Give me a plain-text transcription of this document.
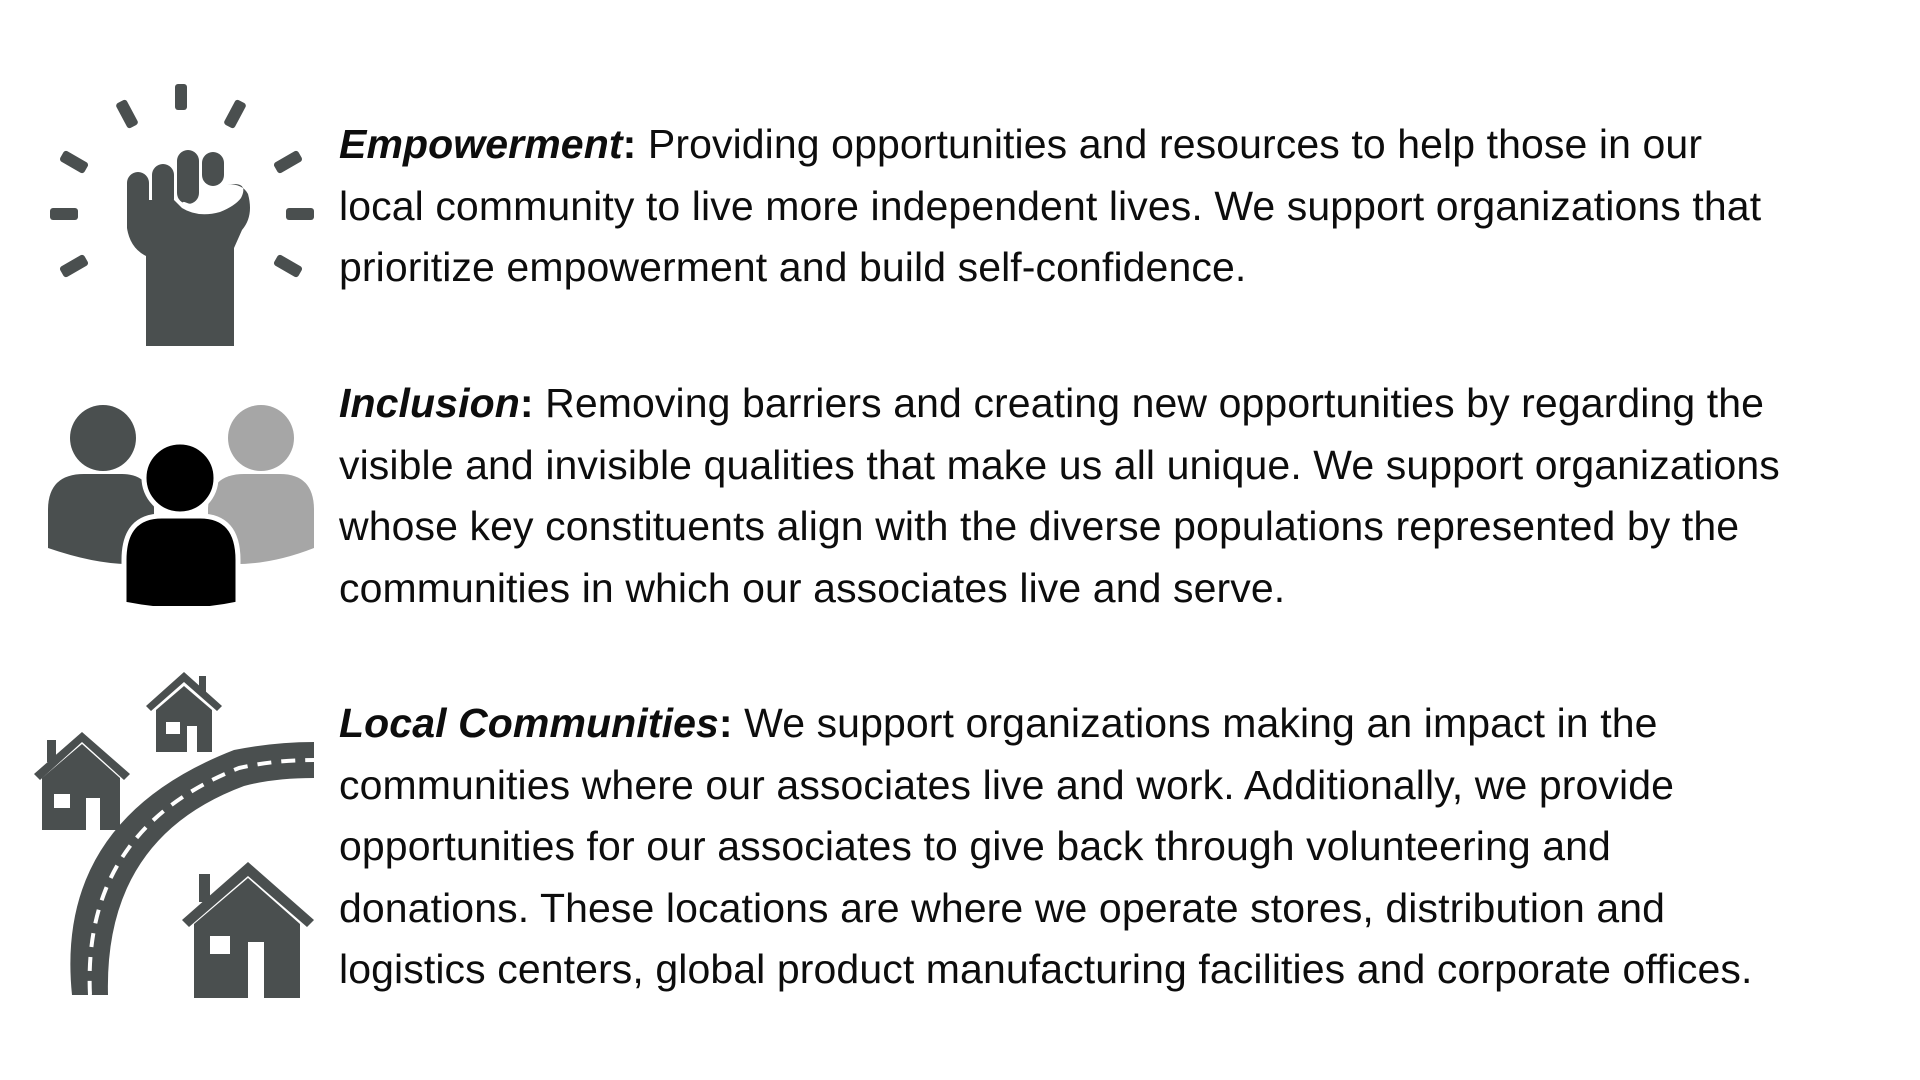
Empowerment: Providing opportunities and resources to help those in our
local community to live more independent lives. We support organizations that
prioritize empowerment and build self-confidence.

Inclusion: Removing barriers and creating new opportunities by regarding the
visible and invisible qualities that make us all unique. We support organizations
whose key constituents align with the diverse populations represented by the
communities in which our associates live and serve.

Local Communities: We support organizations making an impact in the
communities where our associates live and work. Additionally, we provide
opportunities for our associates to give back through volunteering and
donations. These locations are where we operate stores, distribution and
logistics centers, global product manufacturing facilities and corporate offices.
